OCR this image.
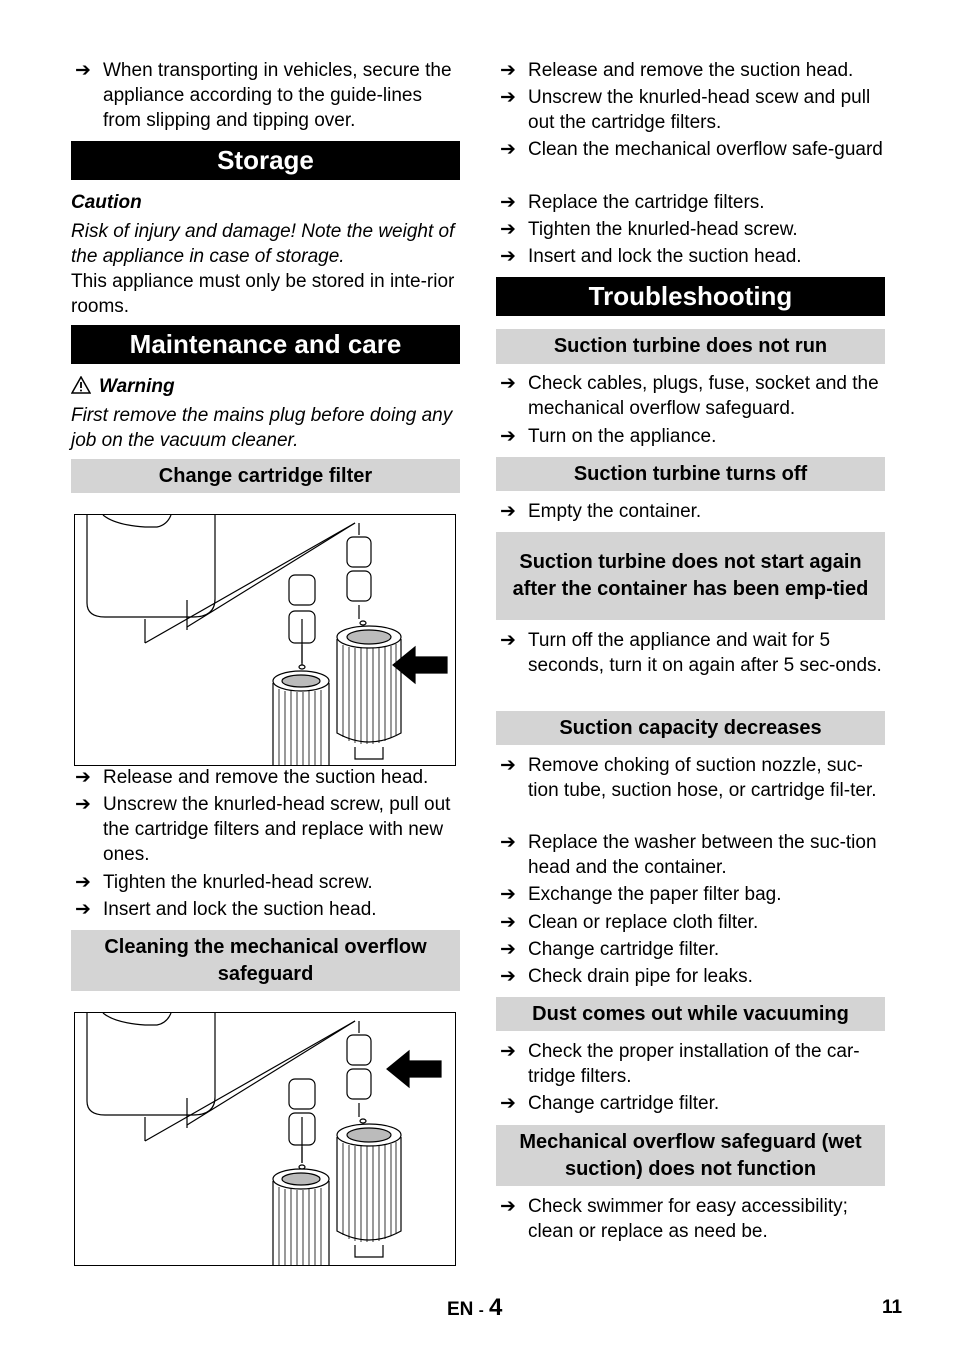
➔ When transporting in vehicles, secure the appliance according to the guide-lines from slipping and tipping over.
Storage
Caution
Risk of injury and damage! Note the weight of the appliance in case of storage.
This appliance must only be stored in inte-rior rooms.
Maintenance and care
Warning
First remove the mains plug before doing any job on the vacuum cleaner.
Change cartridge filter
➔ Release and remove the suction head.
➔ Unscrew the knurled-head screw, pull out the cartridge filters and replace with new ones.
➔ Tighten the knurled-head screw.
➔ Insert and lock the suction head.
Cleaning the mechanical overflow safeguard
➔ Release and remove the suction head.
➔ Unscrew the knurled-head scew and pull out the cartridge filters.
➔ Clean the mechanical overflow safe-guard
➔ Replace the cartridge filters.
➔ Tighten the knurled-head screw.
➔ Insert and lock the suction head.
Troubleshooting
Suction turbine does not run
➔ Check cables, plugs, fuse, socket and the mechanical overflow safeguard.
➔ Turn on the appliance.
Suction turbine turns off
➔ Empty the container.
Suction turbine does not start again after the container has been emp-tied
➔ Turn off the appliance and wait for 5 seconds, turn it on again after 5 sec-onds.
Suction capacity decreases
➔ Remove choking of suction nozzle, suc-tion tube, suction hose, or cartridge fil-ter.
➔ Replace the washer between the suc-tion head and the container.
➔ Exchange the paper filter bag.
➔ Clean or replace cloth filter.
➔ Change cartridge filter.
➔ Check drain pipe for leaks.
Dust comes out while vacuuming
➔ Check the proper installation of the car-tridge filters.
➔ Change cartridge filter.
Mechanical overflow safeguard (wet suction) does not function
➔ Check swimmer for easy accessibility; clean or replace as need be.
EN - 4	11
